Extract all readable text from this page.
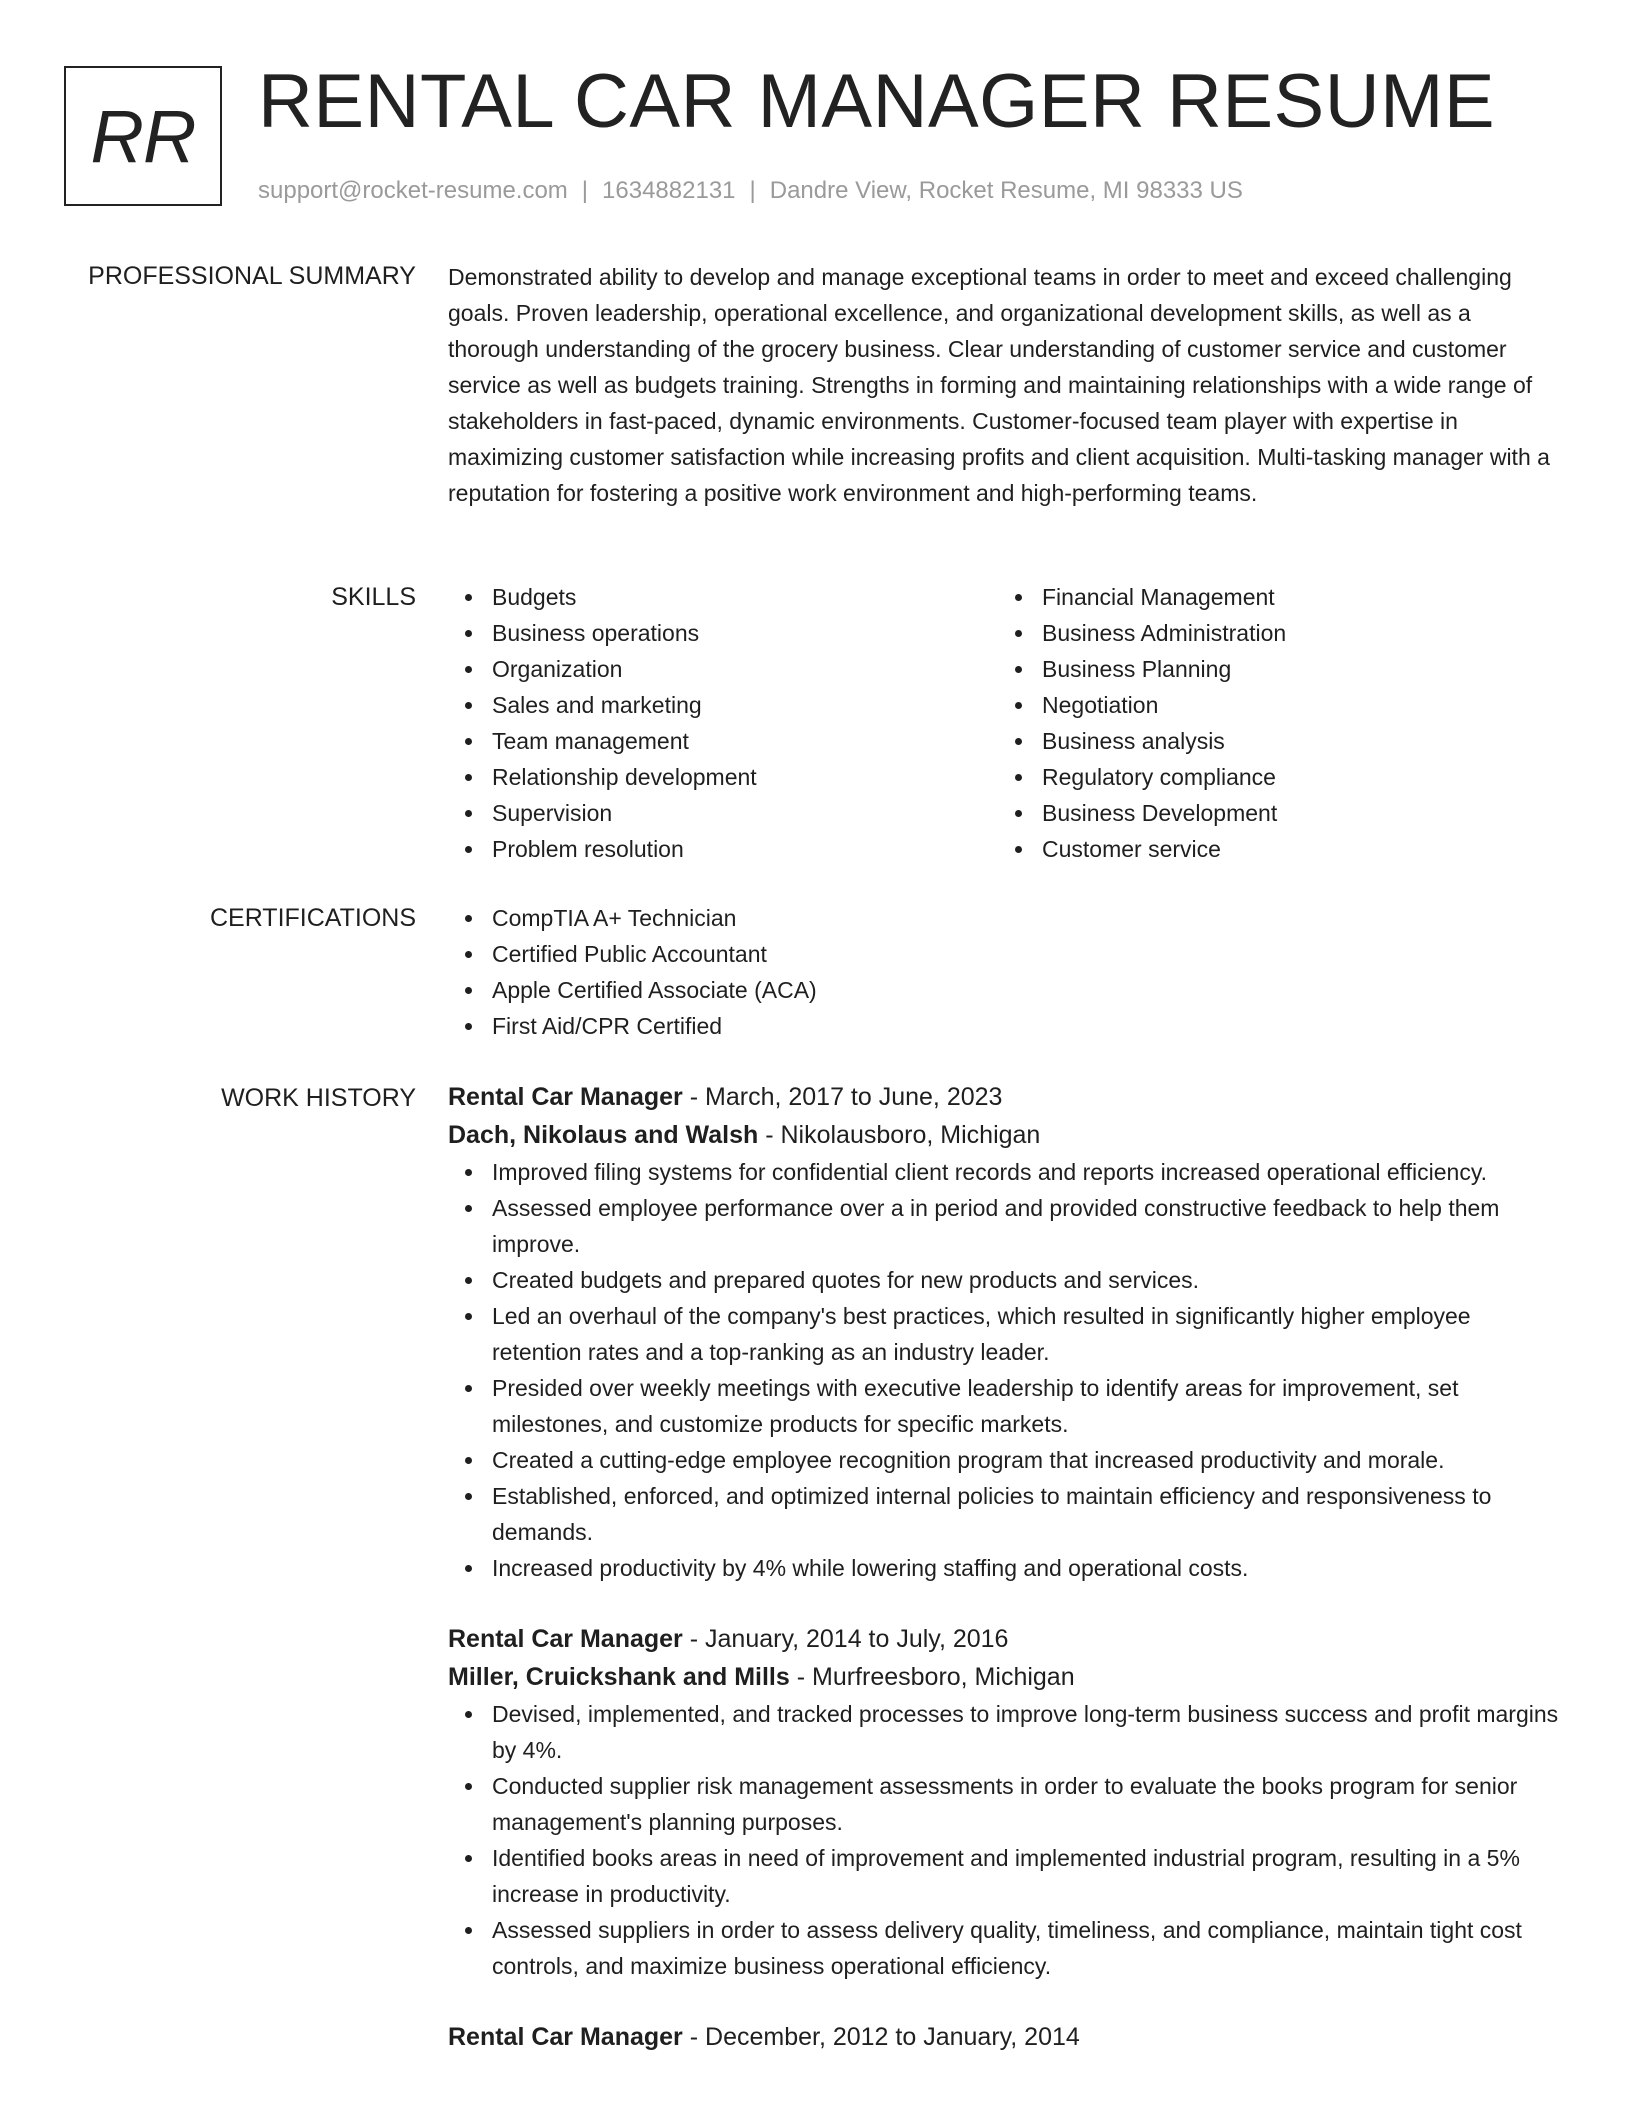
RR RENTAL CAR MANAGER RESUME
support@rocket-resume.com | 1634882131 | Dandre View, Rocket Resume, MI 98333 US
PROFESSIONAL SUMMARY Demonstrated ability to develop and manage exceptional teams in order to meet and exceed challenging goals. Proven leadership, operational excellence, and organizational development skills, as well as a thorough understanding of the grocery business. Clear understanding of customer service and customer service as well as budgets training. Strengths in forming and maintaining relationships with a wide range of stakeholders in fast-paced, dynamic environments. Customer-focused team player with expertise in maximizing customer satisfaction while increasing profits and client acquisition. Multi-tasking manager with a reputation for fostering a positive work environment and high-performing teams.

SKILLS	Budgets
Business operations
Organization
Sales and marketing
Team management
Relationship development
Supervision
Problem resolution
Financial Management
Business Administration
Business Planning
Negotiation
Business analysis
Regulatory compliance
Business Development
Customer service
CERTIFICATIONS	CompTIA A+ Technician
Certified Public Accountant
Apple Certified Associate (ACA)
First Aid/CPR Certified
WORK HISTORY Rental Car Manager - March, 2017 to June, 2023
Dach, Nikolaus and Walsh - Nikolausboro, Michigan
Improved filing systems for confidential client records and reports increased operational efficiency.
Assessed employee performance over a in period and provided constructive feedback to help them improve.
Created budgets and prepared quotes for new products and services.
Led an overhaul of the company's best practices, which resulted in significantly higher employee retention rates and a top-ranking as an industry leader.
Presided over weekly meetings with executive leadership to identify areas for improvement, set milestones, and customize products for specific markets.
Created a cutting-edge employee recognition program that increased productivity and morale.
Established, enforced, and optimized internal policies to maintain efficiency and responsiveness to demands.
Increased productivity by 4% while lowering staffing and operational costs.
Rental Car Manager - January, 2014 to July, 2016
Miller, Cruickshank and Mills - Murfreesboro, Michigan
Devised, implemented, and tracked processes to improve long-term business success and profit margins by 4%.
Conducted supplier risk management assessments in order to evaluate the books program for senior management's planning purposes.
Identified books areas in need of improvement and implemented industrial program, resulting in a 5% increase in productivity.
Assessed suppliers in order to assess delivery quality, timeliness, and compliance, maintain tight cost controls, and maximize business operational efficiency.
Rental Car Manager - December, 2012 to January, 2014
